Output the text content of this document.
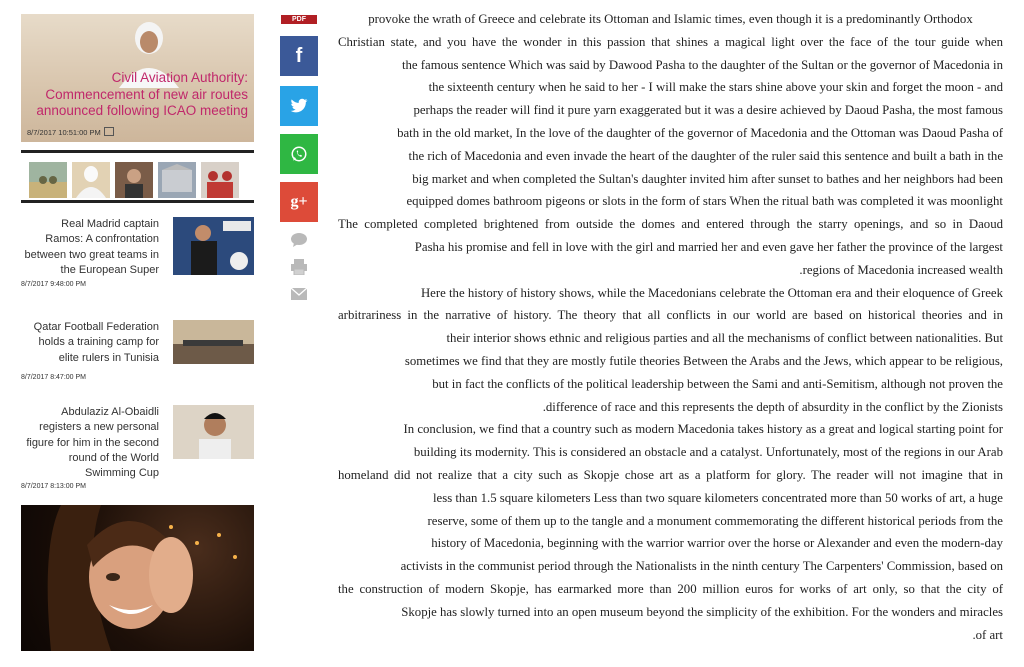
Civil Aviation Authority: Commencement of new air routes announced following ICAO meeting
8/7/2017 10:51:00 PM
Real Madrid captain Ramos: A confrontation between two great teams in the European Super
8/7/2017 9:48:00 PM
Qatar Football Federation holds a training camp for elite rulers in Tunisia
8/7/2017 8:47:00 PM
Abdulaziz Al-Obaidli registers a new personal figure for him in the second round of the World Swimming Cup
8/7/2017 8:13:00 PM
PDF
f
g+
provoke the wrath of Greece and celebrate its Ottoman and Islamic times, even though it is a predominantly Orthodox
Christian state, and you have the wonder in this passion that shines a magical light over the face of the tour guide when
the famous sentence Which was said by Dawood Pasha to the daughter of the Sultan or the governor of Macedonia in
the sixteenth century when he said to her - I will make the stars shine above your skin and forget the moon - and
perhaps the reader will find it pure yarn exaggerated but it was a desire achieved by Daoud Pasha, the most famous
bath in the old market, In the love of the daughter of the governor of Macedonia and the Ottoman was Daoud Pasha of
the rich of Macedonia and even invade the heart of the daughter of the ruler said this sentence and built a bath in the
big market and when completed the Sultan's daughter invited him after sunset to bathes and her neighbors had been
equipped domes bathroom pigeons or slots in the form of stars When the ritual bath was completed it was moonlight
The completed completed brightened from outside the domes and entered through the starry openings, and so in Daoud
Pasha his promise and fell in love with the girl and married her and even gave her father the province of the largest
.regions of Macedonia increased wealth
Here the history of history shows, while the Macedonians celebrate the Ottoman era and their eloquence of Greek
arbitrariness in the narrative of history. The theory that all conflicts in our world are based on historical theories and in
their interior shows ethnic and religious parties and all the mechanisms of conflict between nationalities. But
sometimes we find that they are mostly futile theories Between the Arabs and the Jews, which appear to be religious,
but in fact the conflicts of the political leadership between the Sami and anti-Semitism, although not proven the
.difference of race and this represents the depth of absurdity in the conflict by the Zionists
In conclusion, we find that a country such as modern Macedonia takes history as a great and logical starting point for
building its modernity. This is considered an obstacle and a catalyst. Unfortunately, most of the regions in our Arab
homeland did not realize that a city such as Skopje chose art as a platform for glory. The reader will not imagine that in
less than 1.5 square kilometers Less than two square kilometers concentrated more than 50 works of art, a huge
reserve, some of them up to the tangle and a monument commemorating the different historical periods from the
history of Macedonia, beginning with the warrior warrior over the horse or Alexander and even the modern-day
activists in the communist period through the Nationalists in the ninth century The Carpenters' Commission, based on
the construction of modern Skopje, has earmarked more than 200 million euros for works of art only, so that the city of
Skopje has slowly turned into an open museum beyond the simplicity of the exhibition. For the wonders and miracles
.of art
